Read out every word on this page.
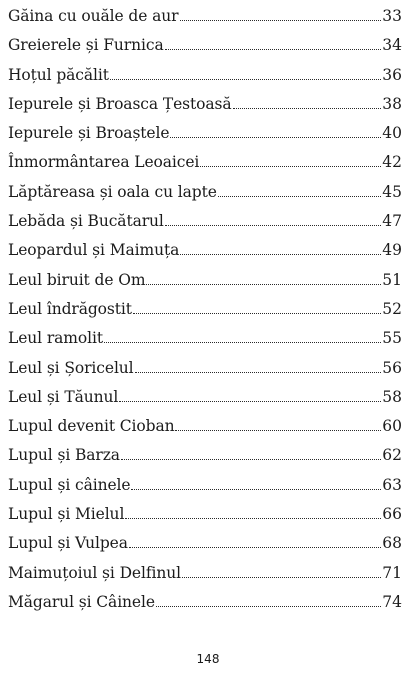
Găina cu ouăle de aur	33
Greierele și Furnica	34
Hoțul păcălit	36
Iepurele și Broasca Țestoasă	38
Iepurele și Broaștele	40
Înmormântarea Leoaicei	42
Lăptăreasa și oala cu lapte	45
Lebăda și Bucătarul	47
Leopardul și Maimuța	49
Leul biruit de Om	51
Leul îndrăgostit	52
Leul ramolit	55
Leul și Șoricelul	56
Leul și Tăunul	58
Lupul devenit Cioban	60
Lupul și Barza	62
Lupul și câinele	63
Lupul și Mielul	66
Lupul și Vulpea	68
Maimuțoiul și Delfinul	71
Măgarul și Câinele	74
148
